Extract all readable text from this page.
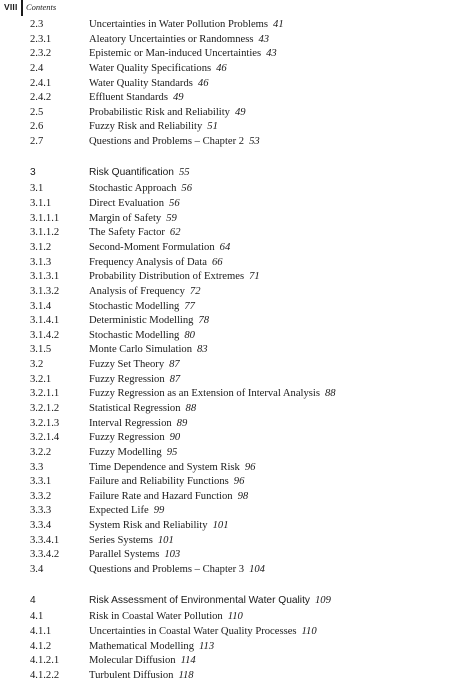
VIII Contents
2.3	Uncertainties in Water Pollution Problems 41
2.3.1	Aleatory Uncertainties or Randomness 43
2.3.2	Epistemic or Man-induced Uncertainties 43
2.4	Water Quality Specifications 46
2.4.1	Water Quality Standards 46
2.4.2	Effluent Standards 49
2.5	Probabilistic Risk and Reliability 49
2.6	Fuzzy Risk and Reliability 51
2.7	Questions and Problems – Chapter 2 53
3	Risk Quantification 55
3.1	Stochastic Approach 56
3.1.1	Direct Evaluation 56
3.1.1.1	Margin of Safety 59
3.1.1.2	The Safety Factor 62
3.1.2	Second-Moment Formulation 64
3.1.3	Frequency Analysis of Data 66
3.1.3.1	Probability Distribution of Extremes 71
3.1.3.2	Analysis of Frequency 72
3.1.4	Stochastic Modelling 77
3.1.4.1	Deterministic Modelling 78
3.1.4.2	Stochastic Modelling 80
3.1.5	Monte Carlo Simulation 83
3.2	Fuzzy Set Theory 87
3.2.1	Fuzzy Regression 87
3.2.1.1	Fuzzy Regression as an Extension of Interval Analysis 88
3.2.1.2	Statistical Regression 88
3.2.1.3	Interval Regression 89
3.2.1.4	Fuzzy Regression 90
3.2.2	Fuzzy Modelling 95
3.3	Time Dependence and System Risk 96
3.3.1	Failure and Reliability Functions 96
3.3.2	Failure Rate and Hazard Function 98
3.3.3	Expected Life 99
3.3.4	System Risk and Reliability 101
3.3.4.1	Series Systems 101
3.3.4.2	Parallel Systems 103
3.4	Questions and Problems – Chapter 3 104
4	Risk Assessment of Environmental Water Quality 109
4.1	Risk in Coastal Water Pollution 110
4.1.1	Uncertainties in Coastal Water Quality Processes 110
4.1.2	Mathematical Modelling 113
4.1.2.1	Molecular Diffusion 114
4.1.2.2	Turbulent Diffusion 118
